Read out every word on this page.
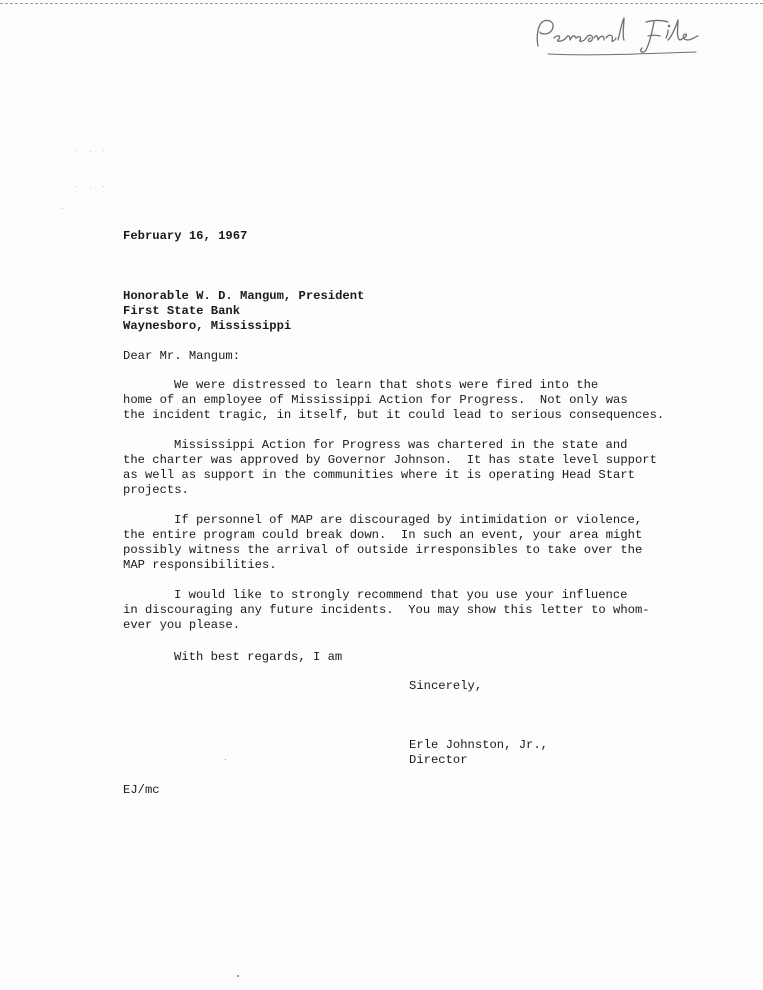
February 16, 1967
Honorable W. D. Mangum, President
First State Bank
Waynesboro, Mississippi
Dear Mr. Mangum:
We were distressed to learn that shots were fired into the
home of an employee of Mississippi Action for Progress.  Not only was
the incident tragic, in itself, but it could lead to serious consequences.
Mississippi Action for Progress was chartered in the state and
the charter was approved by Governor Johnson.  It has state level support
as well as support in the communities where it is operating Head Start
projects.
If personnel of MAP are discouraged by intimidation or violence,
the entire program could break down.  In such an event, your area might
possibly witness the arrival of outside irresponsibles to take over the
MAP responsibilities.
I would like to strongly recommend that you use your influence
in discouraging any future incidents.  You may show this letter to whom-
ever you please.
With best regards, I am
Sincerely,
Erle Johnston, Jr.,
Director
EJ/mc
